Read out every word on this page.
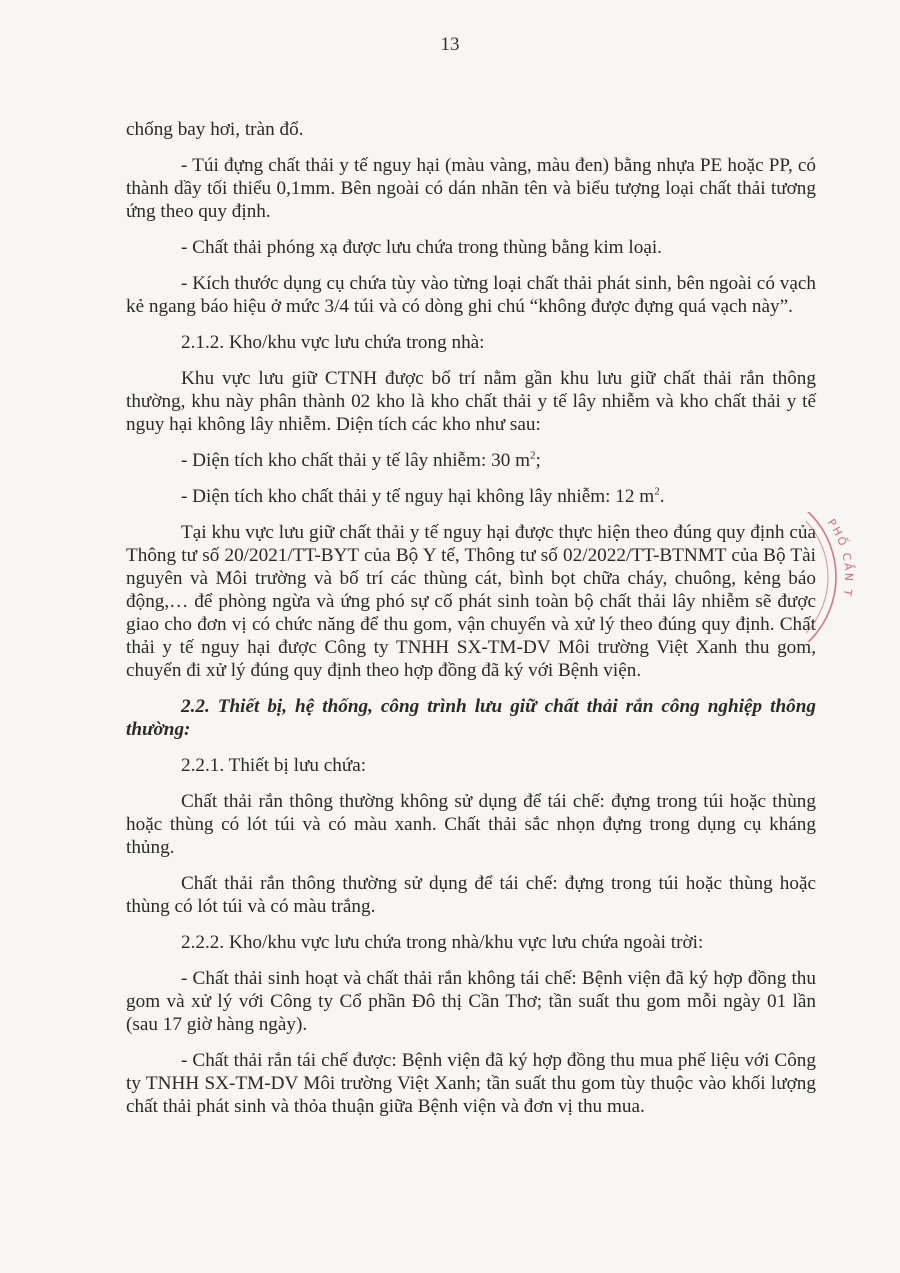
13

chống bay hơi, tràn đổ.

- Túi đựng chất thải y tế nguy hại (màu vàng, màu đen) bằng nhựa PE hoặc PP, có thành dầy tối thiểu 0,1mm. Bên ngoài có dán nhãn tên và biểu tượng loại chất thải tương ứng theo quy định.

- Chất thải phóng xạ được lưu chứa trong thùng bằng kim loại.

- Kích thước dụng cụ chứa tùy vào từng loại chất thải phát sinh, bên ngoài có vạch kẻ ngang báo hiệu ở mức 3/4 túi và có dòng ghi chú “không được đựng quá vạch này”.

2.1.2. Kho/khu vực lưu chứa trong nhà:

Khu vực lưu giữ CTNH được bố trí nằm gần khu lưu giữ chất thải rắn thông thường, khu này phân thành 02 kho là kho chất thải y tế lây nhiễm và kho chất thải y tế nguy hại không lây nhiễm. Diện tích các kho như sau:

- Diện tích kho chất thải y tế lây nhiễm: 30 $m^2$;

- Diện tích kho chất thải y tế nguy hại không lây nhiễm: 12 $m^2$.

Tại khu vực lưu giữ chất thải y tế nguy hại được thực hiện theo đúng quy định của Thông tư số 20/2021/TT-BYT của Bộ Y tế, Thông tư số 02/2022/TT-BTNMT của Bộ Tài nguyên và Môi trường và bố trí các thùng cát, bình bọt chữa cháy, chuông, kẻng báo động,… để phòng ngừa và ứng phó sự cố phát sinh toàn bộ chất thải lây nhiễm sẽ được giao cho đơn vị có chức năng để thu gom, vận chuyển và xử lý theo đúng quy định. Chất thải y tế nguy hại được Công ty TNHH SX-TM-DV Môi trường Việt Xanh thu gom, chuyển đi xử lý đúng quy định theo hợp đồng đã ký với Bệnh viện.

2.2. Thiết bị, hệ thống, công trình lưu giữ chất thải rắn công nghiệp thông thường:

2.2.1. Thiết bị lưu chứa:

Chất thải rắn thông thường không sử dụng để tái chế: đựng trong túi hoặc thùng hoặc thùng có lót túi và có màu xanh. Chất thải sắc nhọn đựng trong dụng cụ kháng thủng.

Chất thải rắn thông thường sử dụng để tái chế: đựng trong túi hoặc thùng hoặc thùng có lót túi và có màu trắng.

2.2.2. Kho/khu vực lưu chứa trong nhà/khu vực lưu chứa ngoài trời:

- Chất thải sinh hoạt và chất thải rắn không tái chế: Bệnh viện đã ký hợp đồng thu gom và xử lý với Công ty Cổ phần Đô thị Cần Thơ; tần suất thu gom mỗi ngày 01 lần (sau 17 giờ hàng ngày).

- Chất thải rắn tái chế được: Bệnh viện đã ký hợp đồng thu mua phế liệu với Công ty TNHH SX-TM-DV Môi trường Việt Xanh; tần suất thu gom tùy thuộc vào khối lượng chất thải phát sinh và thỏa thuận giữa Bệnh viện và đơn vị thu mua.

PHỐ CẦN T
